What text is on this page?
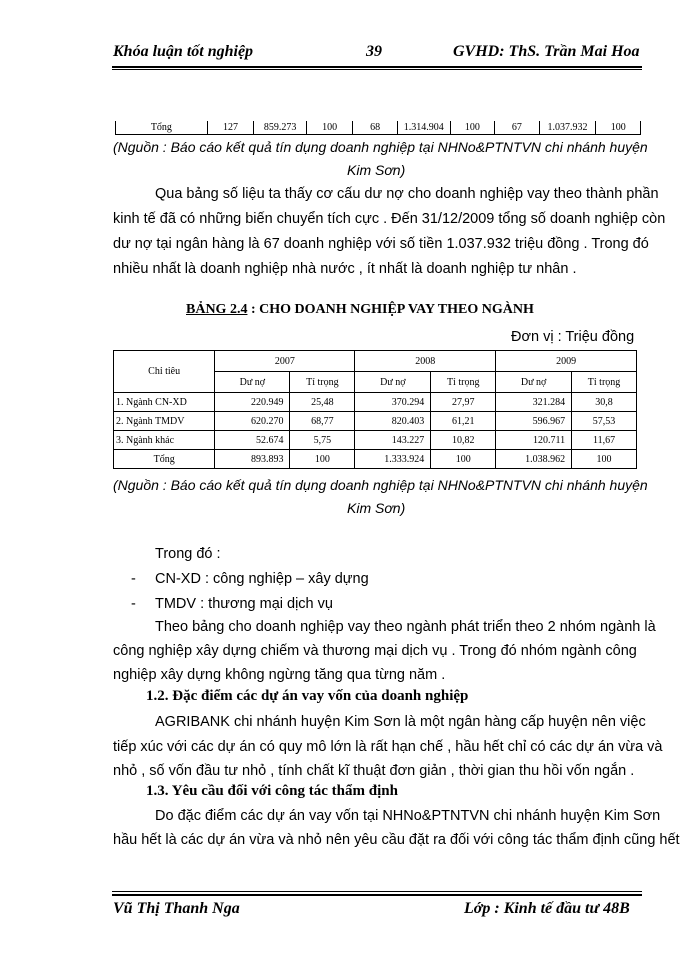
Khóa luận tốt nghiệp	39	GVHD: ThS. Trần Mai Hoa
Tổng	127	859.273	100	68	1.314.904	100	67	1.037.932	100
(Nguồn : Báo cáo kết quả tín dụng doanh nghiệp tại NHNo&PTNTVN chi nhánh huyện
Kim Sơn)
Qua bảng số liệu ta thấy cơ cấu dư nợ cho doanh nghiệp vay theo thành phần
kinh tế đã có những biến chuyển tích cực . Đến 31/12/2009 tổng số doanh nghiệp còn
dư nợ tại ngân hàng là 67 doanh nghiệp với số tiền 1.037.932 triệu đồng . Trong đó
nhiều nhất là doanh nghiệp nhà nước , ít nhất là doanh nghiệp tư nhân .
BẢNG 2.4 : CHO DOANH NGHIỆP VAY THEO NGÀNH
Đơn vị : Triệu đồng
Chỉ tiêu	2007		2008		2009	
	Dư nợ	Tỉ trọng	Dư nợ	Tỉ trọng	Dư nợ	Tỉ trọng
1. Ngành CN-XD	220.949	25,48	370.294	27,97	321.284	30,8
2. Ngành TMDV	620.270	68,77	820.403	61,21	596.967	57,53
3. Ngành khác	52.674	5,75	143.227	10,82	120.711	11,67
Tổng	893.893	100	1.333.924	100	1.038.962	100
(Nguồn : Báo cáo kết quả tín dụng doanh nghiệp tại NHNo&PTNTVN chi nhánh huyện
Kim Sơn)
Trong đó :
- CN-XD : công nghiệp – xây dựng
- TMDV : thương mại dịch vụ
Theo bảng cho doanh nghiệp vay theo ngành phát triển theo 2 nhóm ngành là
công nghiệp xây dựng chiếm và thương mại dịch vụ . Trong đó nhóm ngành công
nghiệp xây dựng không ngừng tăng qua từng năm .
1.2. Đặc điểm các dự án vay vốn của doanh nghiệp
AGRIBANK chi nhánh huyện Kim Sơn là một ngân hàng cấp huyện nên việc
tiếp xúc với các dự án có quy mô lớn là rất hạn chế , hầu hết chỉ có các dự án vừa và
nhỏ , số vốn đầu tư nhỏ , tính chất kĩ thuật đơn giản , thời gian thu hồi vốn ngắn .
1.3. Yêu cầu đối với công tác thẩm định
Do đặc điểm các dự án vay vốn tại NHNo&PTNTVN chi nhánh huyện Kim Sơn
hầu hết là các dự án vừa và nhỏ nên yêu cầu đặt ra đối với công tác thẩm định cũng hết
Vũ Thị Thanh Nga	Lớp : Kinh tế đầu tư 48B
